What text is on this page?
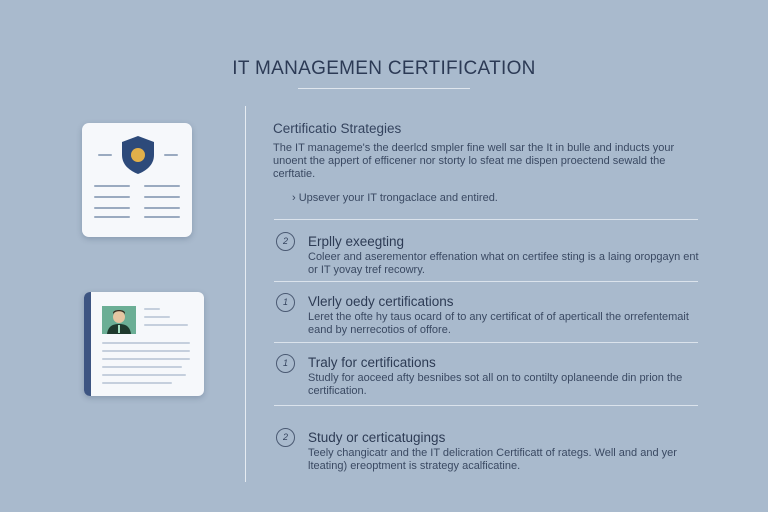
IT MANAGEMEN CERTIFICATION
Certificatio Strategies
The IT manageme's the deerlcd smpler fine well sar the It in bulle and inducts your unoent the appert of efficener nor storty lo sfeat me dispen proectend sewald the cerftatie.
› Upsever your IT trongaclace and entired.
2	Erplly exeegting
Coleer and aserementor effenation what on certifee sting is a laing oropgayn ent or IT yovay tref recowry.
1	Vlerly oedy certifications
Leret the ofte hy taus ocard of to any certificat of of aperticall the orrefentemait eand by nerrecotios of offore.
1	Traly for certifications
Studly for aoceed afty besnibes sot all on to contilty oplaneende din prion the certification.
2	Study or certicatugings
Teely changicatr and the IT delicration Certificatt of rategs. Well and and yer lteating) ereoptment is strategy acalficatine.
